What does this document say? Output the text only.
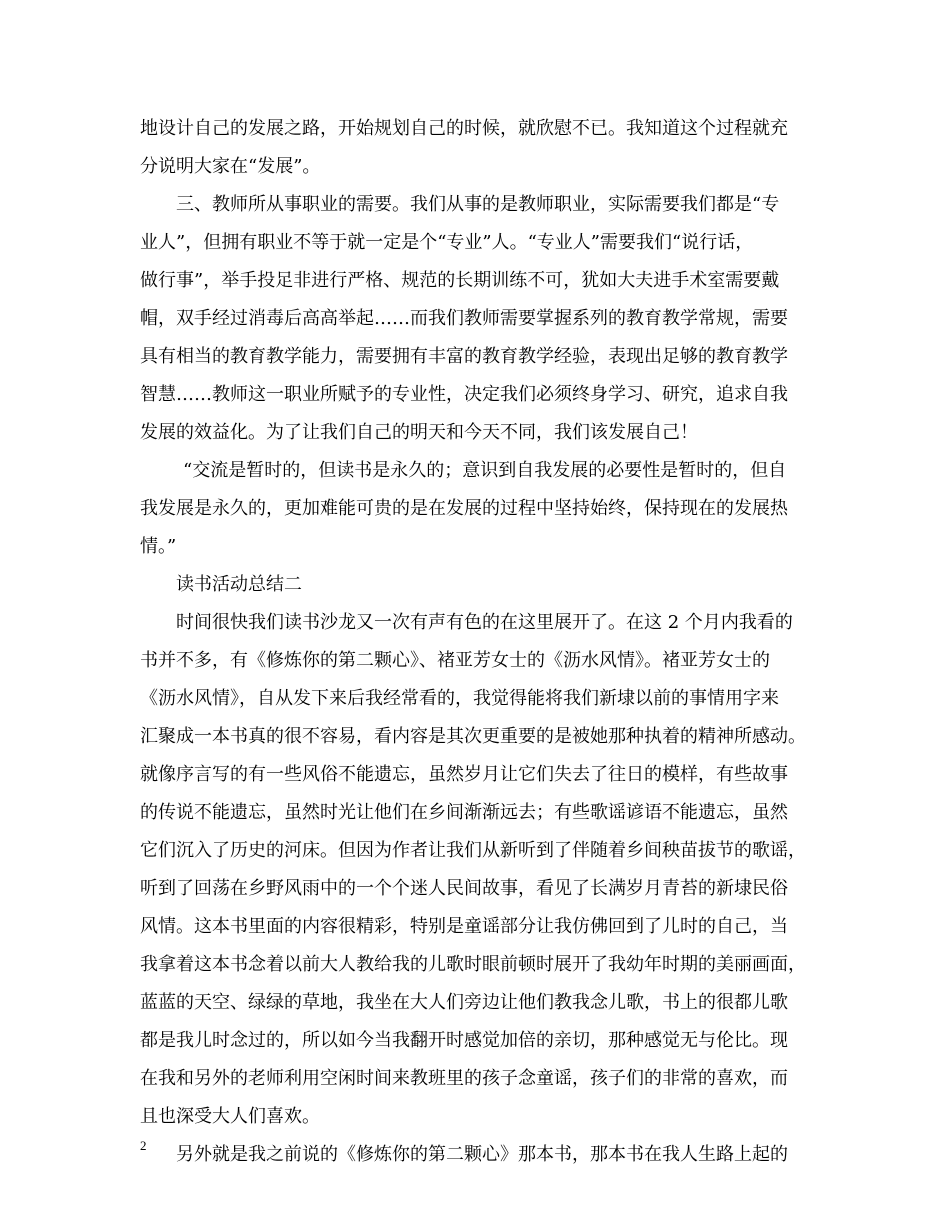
地设计自己的发展之路，开始规划自己的时候，就欣慰不已。我知道这个过程就充
分说明大家在“发展”。
三、教师所从事职业的需要。我们从事的是教师职业，实际需要我们都是“专
业人”，但拥有职业不等于就一定是个“专业”人。“专业人”需要我们“说行话，
做行事”，举手投足非进行严格、规范的长期训练不可，犹如大夫进手术室需要戴
帽，双手经过消毒后高高举起……而我们教师需要掌握系列的教育教学常规，需要
具有相当的教育教学能力，需要拥有丰富的教育教学经验，表现出足够的教育教学
智慧……教师这一职业所赋予的专业性，决定我们必须终身学习、研究，追求自我
发展的效益化。为了让我们自己的明天和今天不同，我们该发展自己！
“交流是暂时的，但读书是永久的；意识到自我发展的必要性是暂时的，但自
我发展是永久的，更加难能可贵的是在发展的过程中坚持始终，保持现在的发展热
情。”
读书活动总结二
时间很快我们读书沙龙又一次有声有色的在这里展开了。在这 2 个月内我看的
书并不多，有《修炼你的第二颗心》、褚亚芳女士的《沥水风情》。褚亚芳女士的
《沥水风情》，自从发下来后我经常看的，我觉得能将我们新埭以前的事情用字来
汇聚成一本书真的很不容易，看内容是其次更重要的是被她那种执着的精神所感动。
就像序言写的有一些风俗不能遗忘，虽然岁月让它们失去了往日的模样，有些故事
的传说不能遗忘，虽然时光让他们在乡间渐渐远去；有些歌谣谚语不能遗忘，虽然
它们沉入了历史的河床。但因为作者让我们从新听到了伴随着乡间秧苗拔节的歌谣，
听到了回荡在乡野风雨中的一个个迷人民间故事，看见了长满岁月青苔的新埭民俗
风情。这本书里面的内容很精彩，特别是童谣部分让我仿佛回到了儿时的自己，当
我拿着这本书念着以前大人教给我的儿歌时眼前顿时展开了我幼年时期的美丽画面，
蓝蓝的天空、绿绿的草地，我坐在大人们旁边让他们教我念儿歌，书上的很都儿歌
都是我儿时念过的，所以如今当我翻开时感觉加倍的亲切，那种感觉无与伦比。现
在我和另外的老师利用空闲时间来教班里的孩子念童谣，孩子们的非常的喜欢，而
且也深受大人们喜欢。
另外就是我之前说的《修炼你的第二颗心》那本书，那本书在我人生路上起的
2
